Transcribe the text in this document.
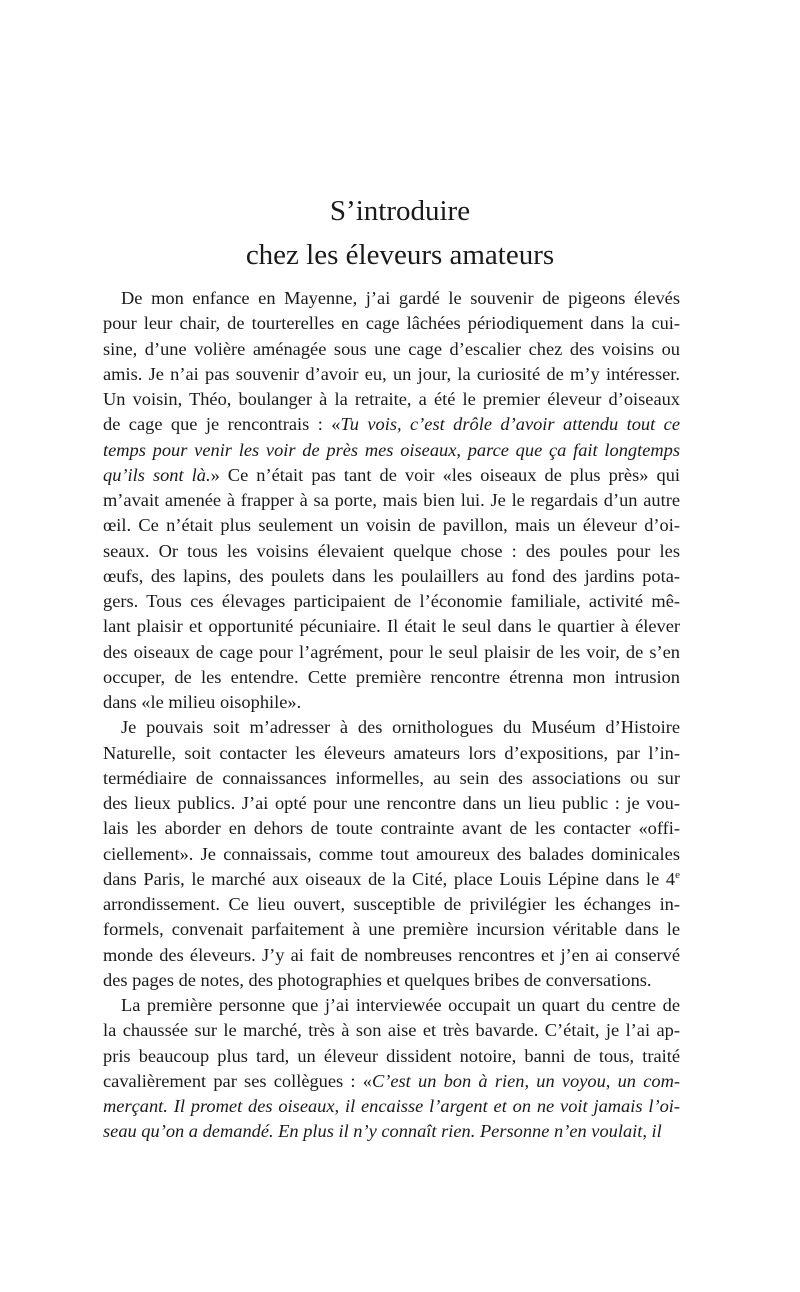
S’introduire
chez les éleveurs amateurs
De mon enfance en Mayenne, j’ai gardé le souvenir de pigeons élevés
pour leur chair, de tourterelles en cage lâchées périodiquement dans la cui-
sine, d’une volière aménagée sous une cage d’escalier chez des voisins ou
amis. Je n’ai pas souvenir d’avoir eu, un jour, la curiosité de m’y intéresser.
Un voisin, Théo, boulanger à la retraite, a été le premier éleveur d’oiseaux
de cage que je rencontrais : «Tu vois, c’est drôle d’avoir attendu tout ce
temps pour venir les voir de près mes oiseaux, parce que ça fait longtemps
qu’ils sont là.» Ce n’était pas tant de voir «les oiseaux de plus près» qui
m’avait amenée à frapper à sa porte, mais bien lui. Je le regardais d’un autre
œil. Ce n’était plus seulement un voisin de pavillon, mais un éleveur d’oi-
seaux. Or tous les voisins élevaient quelque chose : des poules pour les
œufs, des lapins, des poulets dans les poulaillers au fond des jardins pota-
gers. Tous ces élevages participaient de l’économie familiale, activité mê-
lant plaisir et opportunité pécuniaire. Il était le seul dans le quartier à élever
des oiseaux de cage pour l’agrément, pour le seul plaisir de les voir, de s’en
occuper, de les entendre. Cette première rencontre étrenna mon intrusion
dans «le milieu oisophile».
Je pouvais soit m’adresser à des ornithologues du Muséum d’Histoire
Naturelle, soit contacter les éleveurs amateurs lors d’expositions, par l’in-
termédiaire de connaissances informelles, au sein des associations ou sur
des lieux publics. J’ai opté pour une rencontre dans un lieu public : je vou-
lais les aborder en dehors de toute contrainte avant de les contacter «offi-
ciellement». Je connaissais, comme tout amoureux des balades dominicales
dans Paris, le marché aux oiseaux de la Cité, place Louis Lépine dans le 4e
arrondissement. Ce lieu ouvert, susceptible de privilégier les échanges in-
formels, convenait parfaitement à une première incursion véritable dans le
monde des éleveurs. J’y ai fait de nombreuses rencontres et j’en ai conservé
des pages de notes, des photographies et quelques bribes de conversations.
La première personne que j’ai interviewée occupait un quart du centre de
la chaussée sur le marché, très à son aise et très bavarde. C’était, je l’ai ap-
pris beaucoup plus tard, un éleveur dissident notoire, banni de tous, traité
cavalièrement par ses collègues : «C’est un bon à rien, un voyou, un com-
merçant. Il promet des oiseaux, il encaisse l’argent et on ne voit jamais l’oi-
seau qu’on a demandé. En plus il n’y connaît rien. Personne n’en voulait, il
